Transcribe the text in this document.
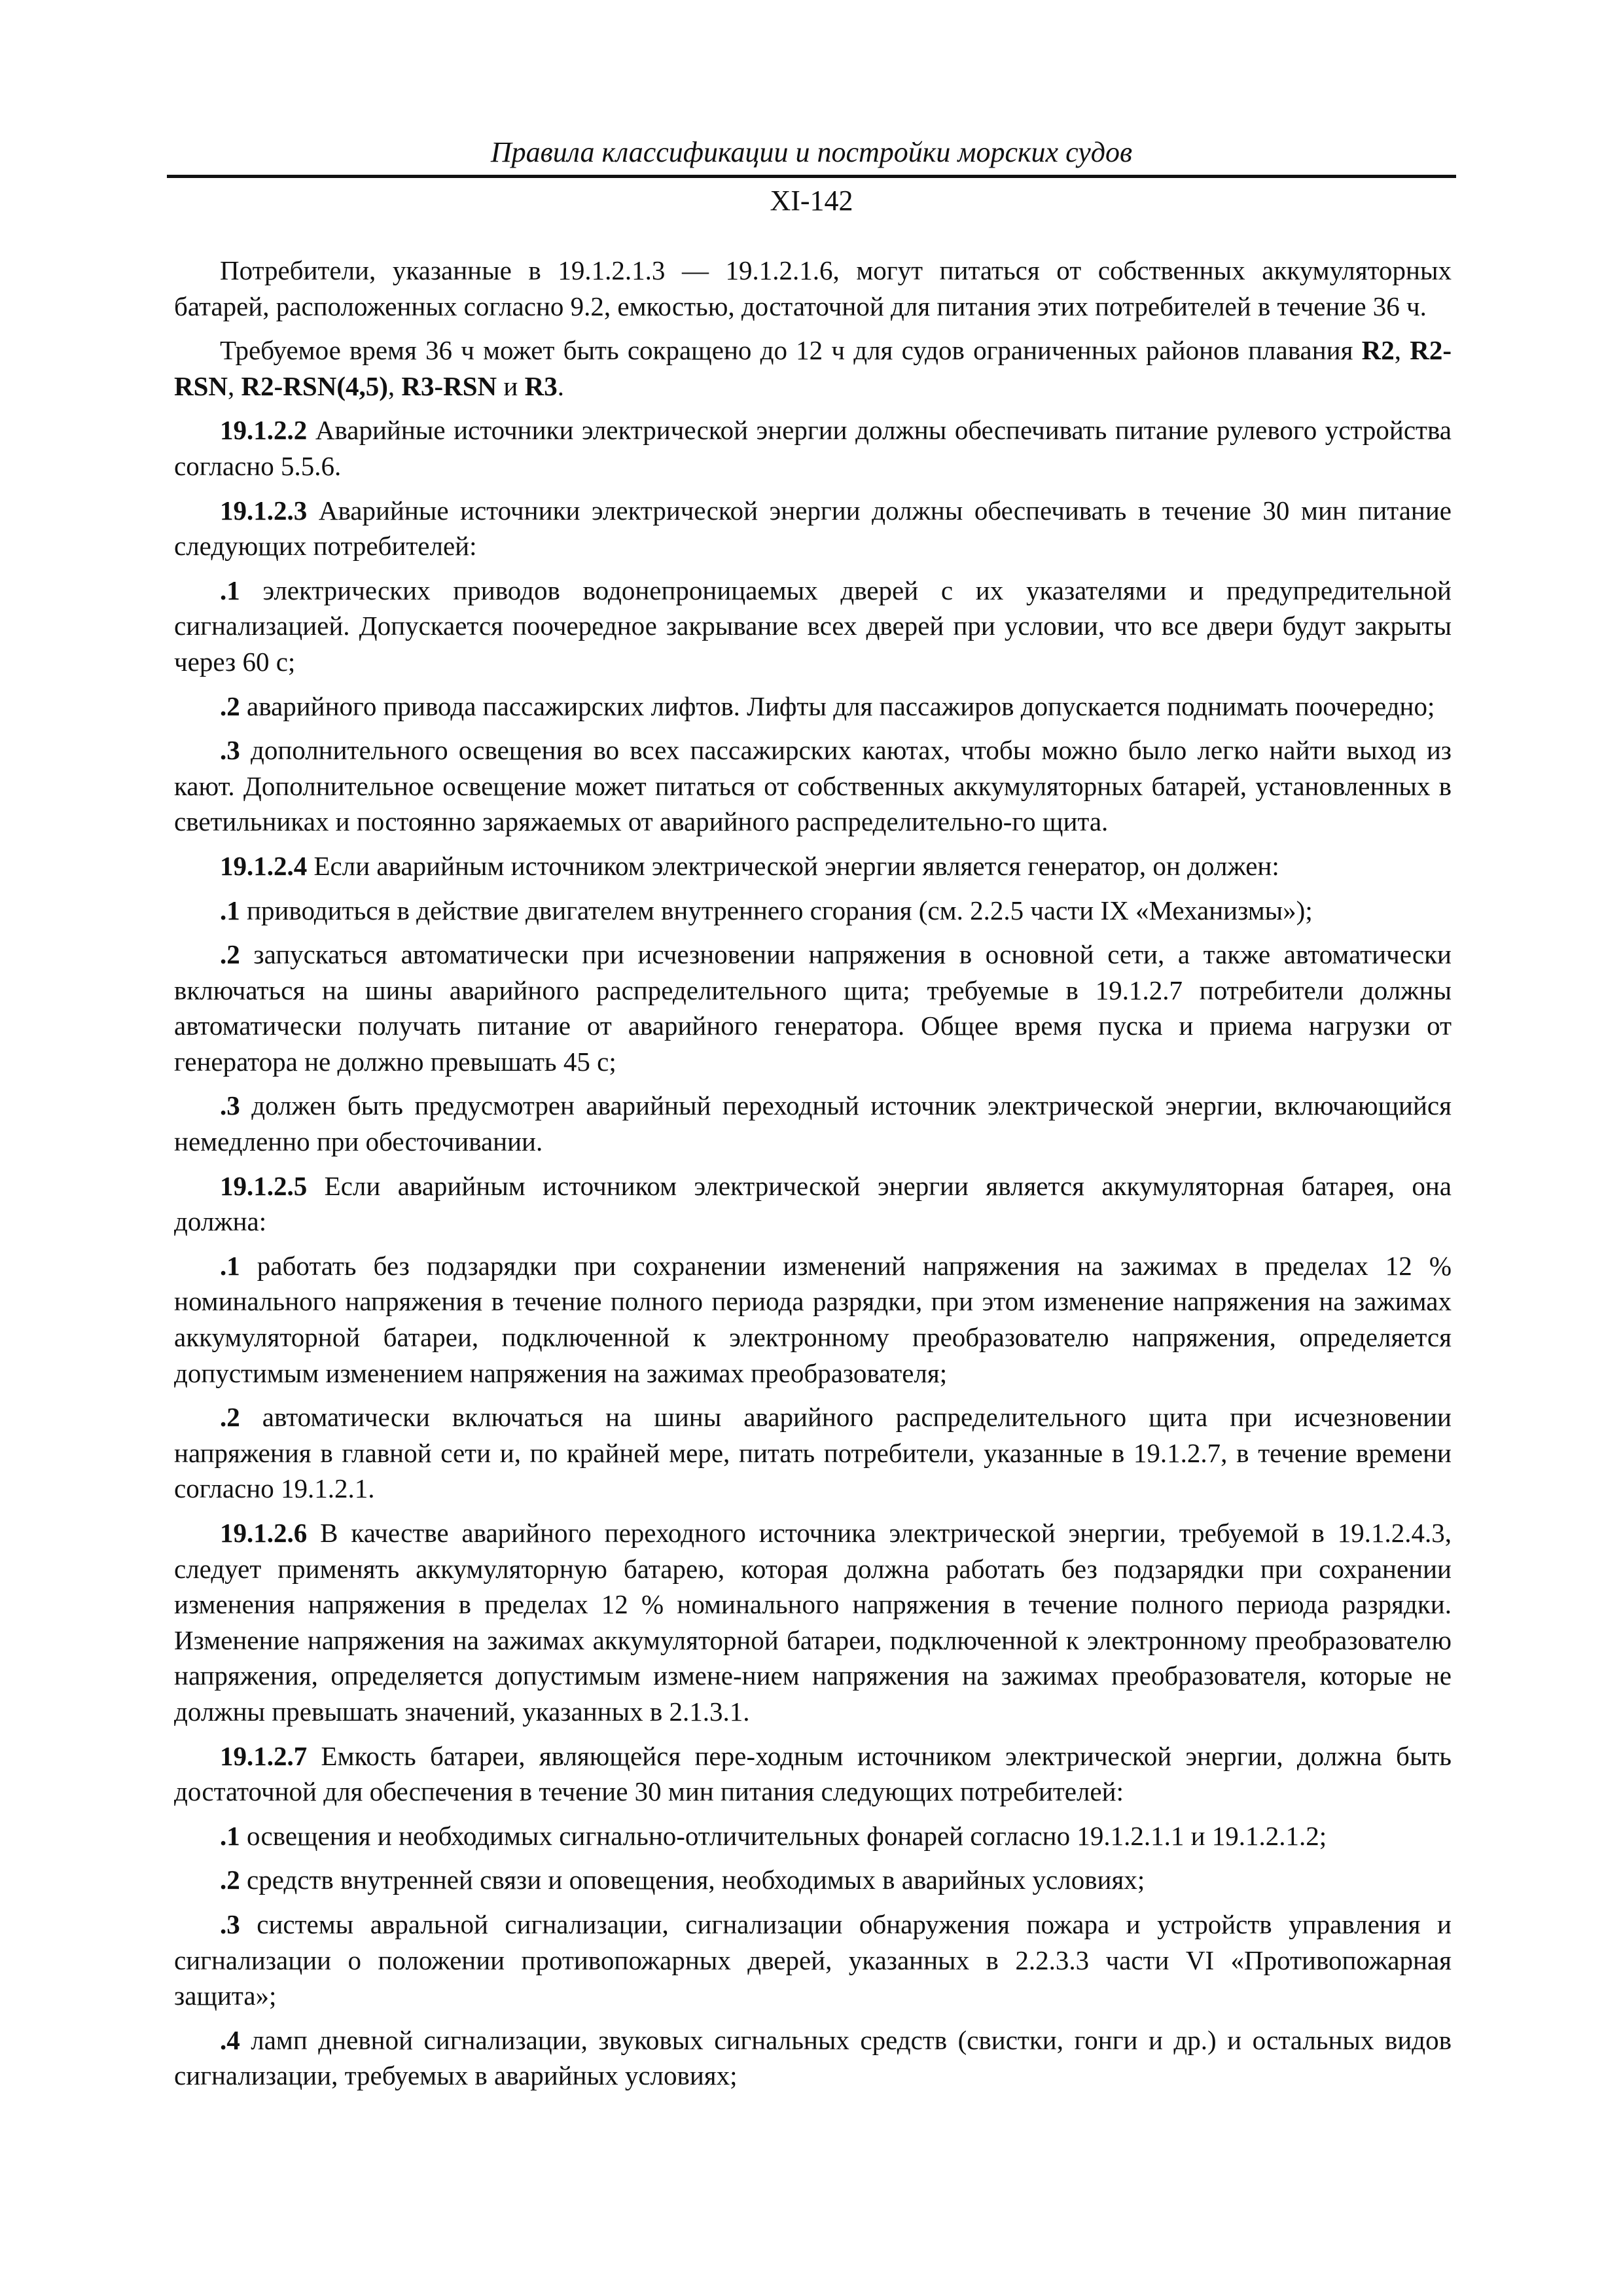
Правила классификации и постройки морских судов
XI-142

Потребители, указанные в 19.1.2.1.3 — 19.1.2.1.6, могут питаться от собственных аккумуляторных батарей, расположенных согласно 9.2, емкостью, достаточной для питания этих потребителей в течение 36 ч.

Требуемое время 36 ч может быть сокращено до 12 ч для судов ограниченных районов плавания R2, R2-RSN, R2-RSN(4,5), R3-RSN и R3.

19.1.2.2 Аварийные источники электрической энергии должны обеспечивать питание рулевого устройства согласно 5.5.6.

19.1.2.3 Аварийные источники электрической энергии должны обеспечивать в течение 30 мин питание следующих потребителей:

.1 электрических приводов водонепроницаемых дверей с их указателями и предупредительной сигнализацией. Допускается поочередное закрывание всех дверей при условии, что все двери будут закрыты через 60 с;

.2 аварийного привода пассажирских лифтов. Лифты для пассажиров допускается поднимать поочередно;

.3 дополнительного освещения во всех пассажирских каютах, чтобы можно было легко найти выход из кают. Дополнительное освещение может питаться от собственных аккумуляторных батарей, установленных в светильниках и постоянно заряжаемых от аварийного распределительно-го щита.

19.1.2.4 Если аварийным источником электрической энергии является генератор, он должен:

.1 приводиться в действие двигателем внутреннего сгорания (см. 2.2.5 части IX «Механизмы»);

.2 запускаться автоматически при исчезновении напряжения в основной сети, а также автоматически включаться на шины аварийного распределительного щита; требуемые в 19.1.2.7 потребители должны автоматически получать питание от аварийного генератора. Общее время пуска и приема нагрузки от генератора не должно превышать 45 с;

.3 должен быть предусмотрен аварийный переходный источник электрической энергии, включающийся немедленно при обесточивании.

19.1.2.5 Если аварийным источником электрической энергии является аккумуляторная батарея, она должна:

.1 работать без подзарядки при сохранении изменений напряжения на зажимах в пределах 12 % номинального напряжения в течение полного периода разрядки, при этом изменение напряжения на зажимах аккумуляторной батареи, подключенной к электронному преобразователю напряжения, определяется допустимым изменением напряжения на зажимах преобразователя;

.2 автоматически включаться на шины аварийного распределительного щита при исчезновении напряжения в главной сети и, по крайней мере, питать потребители, указанные в 19.1.2.7, в течение времени согласно 19.1.2.1.

19.1.2.6 В качестве аварийного переходного источника электрической энергии, требуемой в 19.1.2.4.3, следует применять аккумуляторную батарею, которая должна работать без подзарядки при сохранении изменения напряжения в пределах 12 % номинального напряжения в течение полного периода разрядки. Изменение напряжения на зажимах аккумуляторной батареи, подключенной к электронному преобразователю напряжения, определяется допустимым измене-нием напряжения на зажимах преобразователя, которые не должны превышать значений, указанных в 2.1.3.1.

19.1.2.7 Емкость батареи, являющейся пере-ходным источником электрической энергии, должна быть достаточной для обеспечения в течение 30 мин питания следующих потребителей:

.1 освещения и необходимых сигнально-отличительных фонарей согласно 19.1.2.1.1 и 19.1.2.1.2;

.2 средств внутренней связи и оповещения, необходимых в аварийных условиях;

.3 системы авральной сигнализации, сигнализации обнаружения пожара и устройств управления и сигнализации о положении противопожарных дверей, указанных в 2.2.3.3 части VI «Противопожарная защита»;

.4 ламп дневной сигнализации, звуковых сигнальных средств (свистки, гонги и др.) и остальных видов сигнализации, требуемых в аварийных условиях;
